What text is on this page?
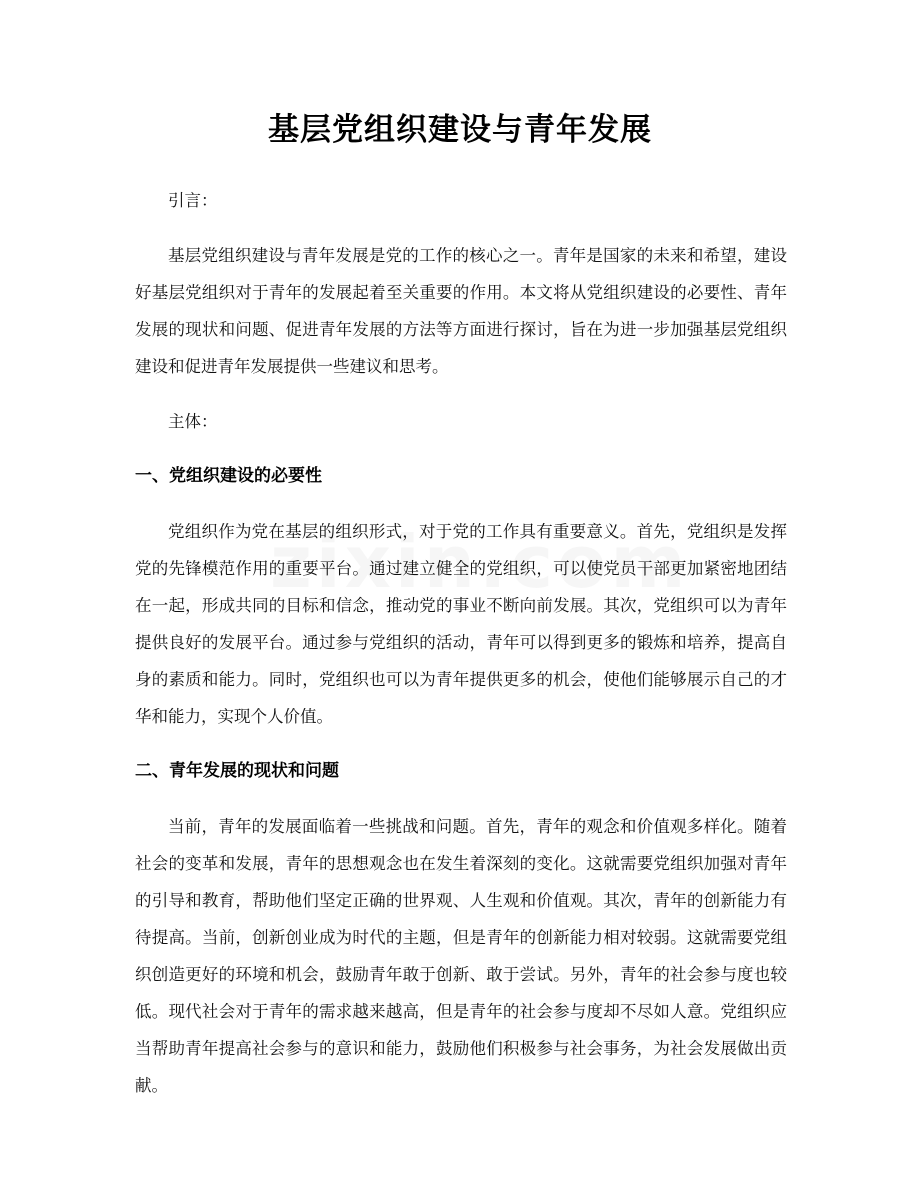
基层党组织建设与青年发展

引言：

基层党组织建设与青年发展是党的工作的核心之一。青年是国家的未来和希望，建设好基层党组织对于青年的发展起着至关重要的作用。本文将从党组织建设的必要性、青年发展的现状和问题、促进青年发展的方法等方面进行探讨，旨在为进一步加强基层党组织建设和促进青年发展提供一些建议和思考。

主体：

一、党组织建设的必要性

党组织作为党在基层的组织形式，对于党的工作具有重要意义。首先，党组织是发挥党的先锋模范作用的重要平台。通过建立健全的党组织，可以使党员干部更加紧密地团结在一起，形成共同的目标和信念，推动党的事业不断向前发展。其次，党组织可以为青年提供良好的发展平台。通过参与党组织的活动，青年可以得到更多的锻炼和培养，提高自身的素质和能力。同时，党组织也可以为青年提供更多的机会，使他们能够展示自己的才华和能力，实现个人价值。

二、青年发展的现状和问题

当前，青年的发展面临着一些挑战和问题。首先，青年的观念和价值观多样化。随着社会的变革和发展，青年的思想观念也在发生着深刻的变化。这就需要党组织加强对青年的引导和教育，帮助他们坚定正确的世界观、人生观和价值观。其次，青年的创新能力有待提高。当前，创新创业成为时代的主题，但是青年的创新能力相对较弱。这就需要党组织创造更好的环境和机会，鼓励青年敢于创新、敢于尝试。另外，青年的社会参与度也较低。现代社会对于青年的需求越来越高，但是青年的社会参与度却不尽如人意。党组织应当帮助青年提高社会参与的意识和能力，鼓励他们积极参与社会事务，为社会发展做出贡献。
